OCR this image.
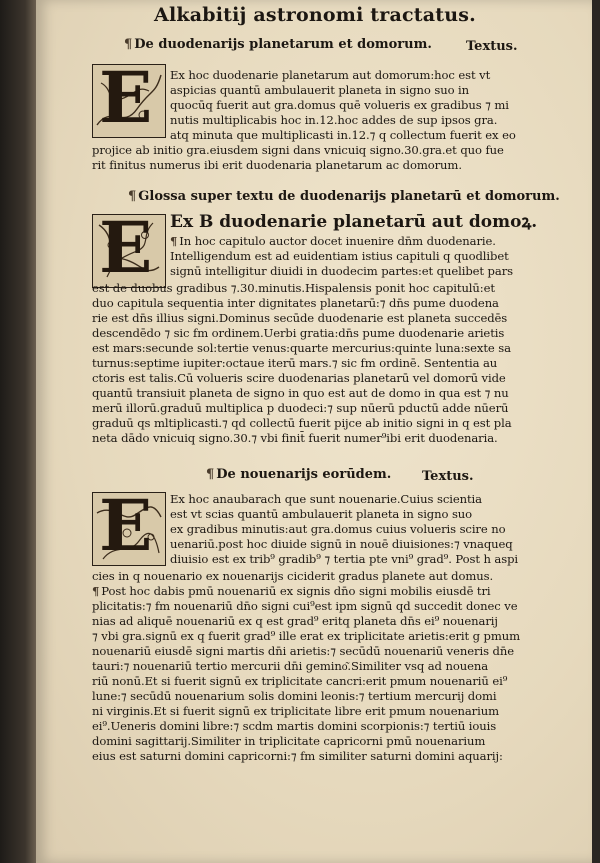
Alkabitij astronomi tractatus.
¶ De duodenarijs planetarum et domorum.	Textus.
E Ex hoc duodenarie planetarum aut domorum:hoc est vt
aspicias quantū ambulauerit planeta in signo suo in
quocūq fuerit aut gra.domus quē volueris ex gradibus ⁊ mi
nutis multiplicabis hoc in.12.hoc addes de sup ipsos gra.
atq minuta que multiplicasti in.12.⁊ q collectum fuerit ex eo
projice ab initio gra.eiusdem signi dans vnicuiq signo.30.gra.et quo fue
rit finitus numerus ibi erit duodenaria planetarum ac domorum.
¶ Glossa super textu de duodenarijs planetarū et domorum.
E Ex B duodenarie planetarū aut domoꝝ.
¶ In hoc capitulo auctor docet inuenire dn̄m duodenarie.
Intelligendum est ad euidentiam istius capituli q quodlibet
signū intelligitur diuidi in duodecim partes:et quelibet pars
est de duobus gradibus ⁊.30.minutis.Hispalensis ponit hoc capitulū:et
duo capitula sequentia inter dignitates planetarū:⁊ dn̄s pume duodena
rie est dn̄s illius signi.Dominus secūde duodenarie est planeta succedēs
descendēdo ⁊ sic fm ordinem.Uerbi gratia:dn̄s pume duodenarie arietis
est mars:secunde sol:tertie venus:quarte mercurius:quinte luna:sexte sa
turnus:septime iupiter:octaue iterū mars.⁊ sic fm ordinē. Sententia au
ctoris est talis.Cū volueris scire duodenarias planetarū vel domorū vide
quantū transiuit planeta de signo in quo est aut de domo in qua est ⁊ nu
merū illorū.graduū multiplica p duodeci:⁊ sup nūerū pductū adde nūerū
graduū qs mltiplicasti.⁊ qd collectū fuerit pijce ab initio signi in q est pla
neta dādo vnicuiq signo.30.⁊ vbi finit̄ fuerit numer⁹ibi erit duodenaria.
¶ De nouenarijs eorūdem. Textus.
E Ex hoc anaubarach que sunt nouenarie.Cuius scientia
est vt scias quantū ambulauerit planeta in signo suo
ex gradibus minutis:aut gra.domus cuius volueris scire no
uenariū.post hoc diuide signū in nouē diuisiones:⁊ vnaqueq
diuisio est ex trib⁹ gradib⁹ ⁊ tertia pte vni⁹ grad⁹. Post h aspi
cies in q nouenario ex nouenarijs ciciderit gradus planete aut domus.
¶ Post hoc dabis pmū nouenariū ex signis dn̄o signi mobilis eiusdē tri
plicitatis:⁊ fm nouenariū dn̄o signi cui⁹est ipm signū qd succedit donec ve
nias ad aliquē nouenariū ex q est grad⁹ eritq planeta dn̄s ei⁹ nouenarij
⁊ vbi gra.signū ex q fuerit grad⁹ ille erat ex triplicitate arietis:erit g pmum
nouenariū eiusdē signi martis dn̄i arietis:⁊ secūdū nouenariū veneris dn̄e
tauri:⁊ nouenariū tertio mercurii dn̄i gemino͂.Similiter vsq ad nouena
riū nonū.Et si fuerit signū ex triplicitate cancri:erit pmum nouenariū ei⁹
lune:⁊ secūdū nouenarium solis domini leonis:⁊ tertium mercurij domi
ni virginis.Et si fuerit signū ex triplicitate libre erit pmum nouenarium
ei⁹.Ueneris domini libre:⁊ scdm martis domini scorpionis:⁊ tertiū iouis
domini sagittarij.Similiter in triplicitate capricorni pmū nouenarium
eius est saturni domini capricorni:⁊ fm similiter saturni domini aquarij:
